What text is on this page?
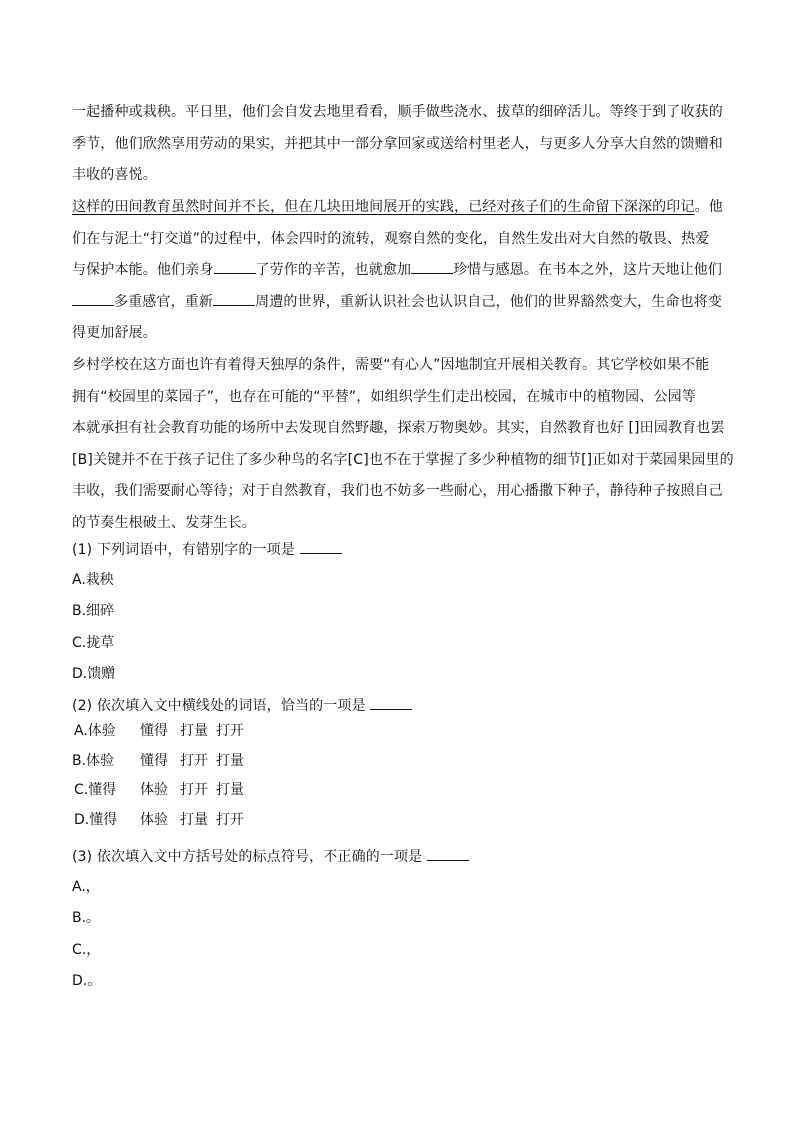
一起播种或栽秧。平日里，他们会自发去地里看看，顺手做些浇水、拔草的细碎活儿。等终于到了收获的
季节，他们欣然享用劳动的果实，并把其中一部分拿回家或送给村里老人，与更多人分享大自然的馈赠和
丰收的喜悦。
这样的田间教育虽然时间并不长，但在几块田地间展开的实践，已经对孩子们的生命留下深深的印记。他
们在与泥土“打交道”的过程中，体会四时的流转，观察自然的变化，自然生发出对大自然的敬畏、热爱
与保护本能。他们亲身	了劳作的辛苦，也就愈加	珍惜与感恩。在书本之外，这片天地让他们
多重感官，重新	周遭的世界，重新认识社会也认识自己，他们的世界豁然变大，生命也将变
得更加舒展。
乡村学校在这方面也许有着得天独厚的条件，需要“有心人”因地制宜开展相关教育。其它学校如果不能
拥有“校园里的菜园子”，也存在可能的“平替”，如组织学生们走出校园，在城市中的植物园、公园等
本就承担有社会教育功能的场所中去发现自然野趣，探索万物奥妙。其实，自然教育也好 []田园教育也罢
[B]关键并不在于孩子记住了多少种鸟的名字[C]也不在于掌握了多少种植物的细节[]正如对于菜园果园里的
丰收，我们需要耐心等待；对于自然教育，我们也不妨多一些耐心，用心播撒下种子，静待种子按照自己
的节奏生根破土、发芽生长。
(1) 下列词语中，有错别字的一项是
A.栽秧
B.细碎
C.拢草
D.馈赠
(2) 依次填入文中横线处的词语，恰当的一项是
A.体验 懂得 打量 打开
B.体验 懂得 打开 打量
C.懂得 体验 打开 打量
D.懂得 体验 打量 打开
(3) 依次填入文中方括号处的标点符号，不正确的一项是
A.，
B.。
C.，
D.。
